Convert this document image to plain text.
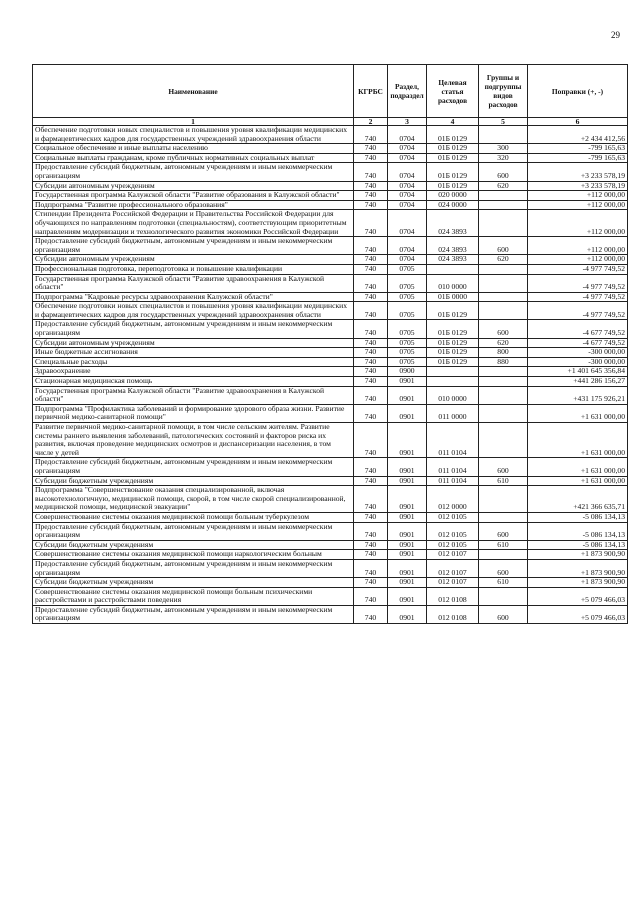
29
Наименование	КГРБС	Раздел, подраздел	Целевая статья расходов	Группы и подгруппы видов расходов	Поправки (+, -)
1	2	3	4	5	6
Обеспечение подготовки новых специалистов и повышения уровня квалификации медицинских и фармацевтических кадров для государственных учреждений здравоохранения области	740	0704	01Б 0129		+2 434 412,56
Социальное обеспечение и иные выплаты населению	740	0704	01Б 0129	300	-799 165,63
Социальные выплаты гражданам, кроме публичных нормативных социальных выплат	740	0704	01Б 0129	320	-799 165,63
Предоставление субсидий бюджетным, автономным учреждениям и иным некоммерческим организациям	740	0704	01Б 0129	600	+3 233 578,19
Субсидии автономным учреждениям	740	0704	01Б 0129	620	+3 233 578,19
Государственная программа Калужской области "Развитие образования в Калужской области"	740	0704	020 0000		+112 000,00
Подпрограмма "Развитие профессионального образования"	740	0704	024 0000		+112 000,00
Стипендии Президента Российской Федерации и Правительства Российской Федерации для обучающихся по направлениям подготовки (специальностям), соответствующим приоритетным направлениям модернизации и технологического развития экономики Российской Федерации	740	0704	024 3893		+112 000,00
Предоставление субсидий бюджетным, автономным учреждениям и иным некоммерческим организациям	740	0704	024 3893	600	+112 000,00
Субсидии автономным учреждениям	740	0704	024 3893	620	+112 000,00
Профессиональная подготовка, переподготовка и повышение квалификации	740	0705			-4 977 749,52
Государственная программа Калужской области "Развитие здравоохранения в Калужской области"	740	0705	010 0000		-4 977 749,52
Подпрограмма "Кадровые ресурсы здравоохранения Калужской области"	740	0705	01Б 0000		-4 977 749,52
Обеспечение подготовки новых специалистов и повышения уровня квалификации медицинских и фармацевтических кадров для государственных учреждений здравоохранения области	740	0705	01Б 0129		-4 977 749,52
Предоставление субсидий бюджетным, автономным учреждениям и иным некоммерческим организациям	740	0705	01Б 0129	600	-4 677 749,52
Субсидии автономным учреждениям	740	0705	01Б 0129	620	-4 677 749,52
Иные бюджетные ассигнования	740	0705	01Б 0129	800	-300 000,00
Специальные расходы	740	0705	01Б 0129	880	-300 000,00
Здравоохранение	740	0900			+1 401 645 356,84
Стационарная медицинская помощь	740	0901			+441 286 156,27
Государственная программа Калужской области "Развитие здравоохранения в Калужской области"	740	0901	010 0000		+431 175 926,21
Подпрограмма "Профилактика заболеваний и формирование здорового образа жизни. Развитие первичной медико-санитарной помощи"	740	0901	011 0000		+1 631 000,00
Развитие первичной медико-санитарной помощи, в том числе сельским жителям. Развитие системы раннего выявления заболеваний, патологических состояний и факторов риска их развития, включая проведение медицинских осмотров и диспансеризации населения, в том числе у детей	740	0901	011 0104		+1 631 000,00
Предоставление субсидий бюджетным, автономным учреждениям и иным некоммерческим организациям	740	0901	011 0104	600	+1 631 000,00
Субсидии бюджетным учреждениям	740	0901	011 0104	610	+1 631 000,00
Подпрограмма "Совершенствование оказания специализированной, включая высокотехнологичную, медицинской помощи, скорой, в том числе скорой специализированной, медицинской помощи, медицинской эвакуации"	740	0901	012 0000		+421 366 635,71
Совершенствование системы оказания медицинской помощи больным туберкулезом	740	0901	012 0105		-5 086 134,13
Предоставление субсидий бюджетным, автономным учреждениям и иным некоммерческим организациям	740	0901	012 0105	600	-5 086 134,13
Субсидии бюджетным учреждениям	740	0901	012 0105	610	-5 086 134,13
Совершенствование системы оказания медицинской помощи наркологическим больным	740	0901	012 0107		+1 873 900,90
Предоставление субсидий бюджетным, автономным учреждениям и иным некоммерческим организациям	740	0901	012 0107	600	+1 873 900,90
Субсидии бюджетным учреждениям	740	0901	012 0107	610	+1 873 900,90
Совершенствование системы оказания медицинской помощи больным психическими расстройствами и расстройствами поведения	740	0901	012 0108		+5 079 466,03
Предоставление субсидий бюджетным, автономным учреждениям и иным некоммерческим организациям	740	0901	012 0108	600	+5 079 466,03
